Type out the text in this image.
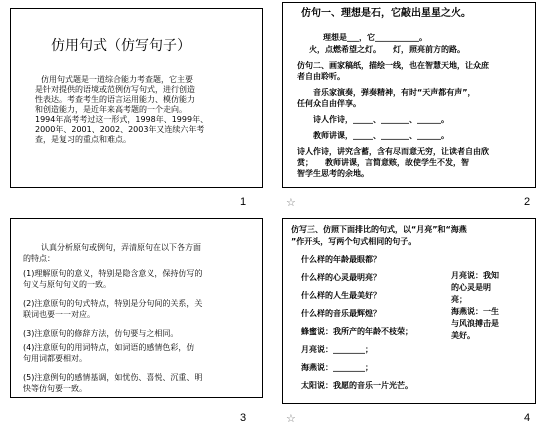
仿用句式（仿写句子）
仿用句式题是一道综合能力考查题，它主要
是针对提供的语境或范例仿写句式，进行创造
性表达。考查考生的语言运用能力、模仿能力
和创造能力，是近年来高考题的一个走向。
1994年高考考过这一形式，1998年、1999年、
2000年、2001、2002、2003年又连续六年考
查，是复习的重点和难点。
1
仿句一、理想是石，它敲出星星之火。
理想是___，它___________。
火，点燃希望之灯。　　灯，照亮前方的路。
仿句二、画家稿纸，描绘一线，也在智慧天地，让众庶
者自由聆听。
　　音乐家演奏，弹奏精神，有时“天声都有声”，
任何众自由伴享。
　　诗人作诗，_____、_______、______。
　　教师讲课，_____、_______、______。
诗人作诗，讲究含蓄，含有尽而意无穷，让读者自由欣
赏；　　教师讲课，言简意赅，故使学生不发，智
智学生思考的余地。
☆	2
认真分析原句或例句，弄清原句在以下各方面
的特点：
(1)理解原句的意义，特别是隐含意义，保持仿写的
句义与原句句义的一致。
(2)注意原句的句式特点，特别是分句间的关系，关
联词也要一一对应。
(3)注意原句的修辞方法，仿句要与之相同。
(4)注意原句的用词特点，如词语的感情色彩，仿
句用词都要相对。
(5)注意例句的感情基调，如忧伤、喜悦、沉重、明
快等仿句要一致。
3
仿写三、仿照下面排比的句式，以“月亮”和“海燕
”作开头，写两个句式相同的句子。
什么样的年龄最眼都？
什么样的心灵最明亮？
什么样的人生最美好？
什么样的音乐最辉煌？
蜂蜜说：我所产的年龄不枝荣；
月亮说：________；
海燕说：________；
太阳说：我愿的音乐一片光芒。
月亮说：我知
的心灵是明
亮；
海燕说：一生
与风浪搏击是
美好。
☆	4
